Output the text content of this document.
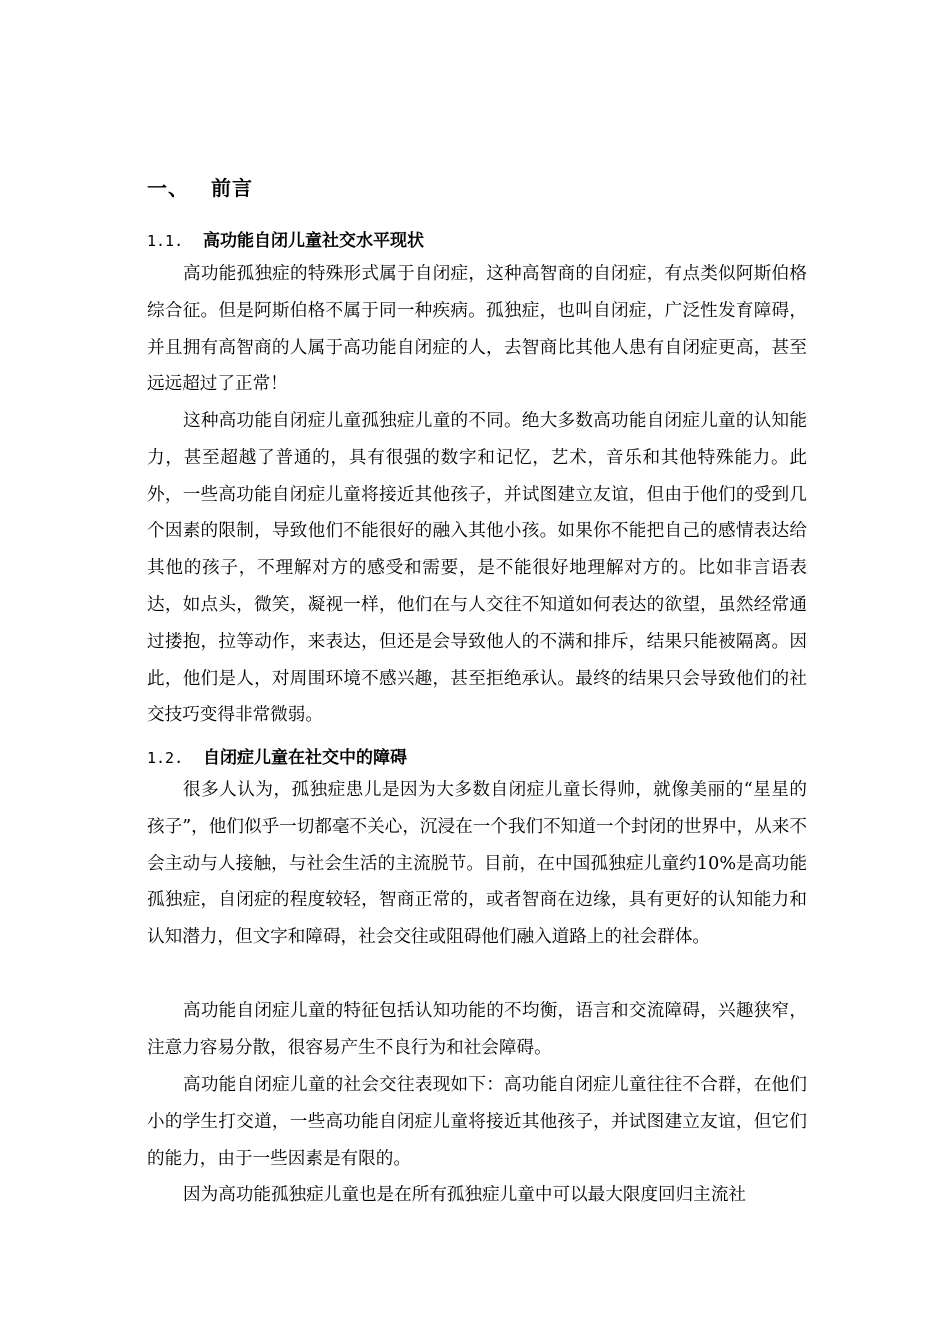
一、 前言
1.1. 高功能自闭儿童社交水平现状

高功能孤独症的特殊形式属于自闭症，这种高智商的自闭症，有点类似阿斯伯格综合征。但是阿斯伯格不属于同一种疾病。孤独症，也叫自闭症，广泛性发育障碍，并且拥有高智商的人属于高功能自闭症的人，去智商比其他人患有自闭症更高，甚至远远超过了正常！

这种高功能自闭症儿童孤独症儿童的不同。绝大多数高功能自闭症儿童的认知能力，甚至超越了普通的，具有很强的数字和记忆，艺术，音乐和其他特殊能力。此外，一些高功能自闭症儿童将接近其他孩子，并试图建立友谊，但由于他们的受到几个因素的限制，导致他们不能很好的融入其他小孩。如果你不能把自己的感情表达给其他的孩子，不理解对方的感受和需要，是不能很好地理解对方的。比如非言语表达，如点头，微笑，凝视一样，他们在与人交往不知道如何表达的欲望，虽然经常通过搂抱，拉等动作，来表达，但还是会导致他人的不满和排斥，结果只能被隔离。因此，他们是人，对周围环境不感兴趣，甚至拒绝承认。最终的结果只会导致他们的社交技巧变得非常微弱。

1.2. 自闭症儿童在社交中的障碍

很多人认为，孤独症患儿是因为大多数自闭症儿童长得帅，就像美丽的“星星的孩子”，他们似乎一切都毫不关心，沉浸在一个我们不知道一个封闭的世界中，从来不会主动与人接触，与社会生活的主流脱节。目前，在中国孤独症儿童约10%是高功能孤独症，自闭症的程度较轻，智商正常的，或者智商在边缘，具有更好的认知能力和认知潜力，但文字和障碍，社会交往或阻碍他们融入道路上的社会群体。

高功能自闭症儿童的特征包括认知功能的不均衡，语言和交流障碍，兴趣狭窄，注意力容易分散，很容易产生不良行为和社会障碍。

高功能自闭症儿童的社会交往表现如下：高功能自闭症儿童往往不合群，在他们小的学生打交道，一些高功能自闭症儿童将接近其他孩子，并试图建立友谊，但它们的能力，由于一些因素是有限的。

因为高功能孤独症儿童也是在所有孤独症儿童中可以最大限度回归主流社
